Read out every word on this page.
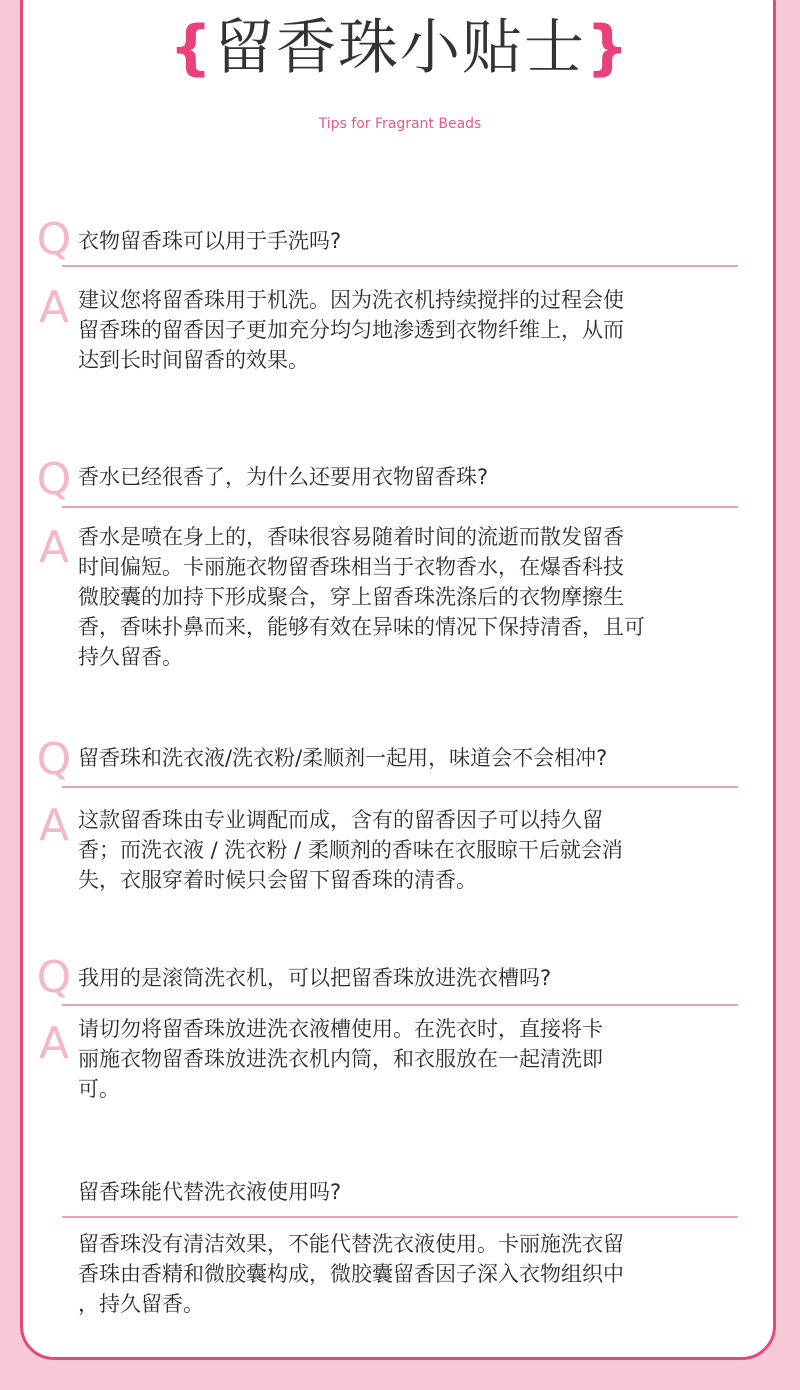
{留香珠小贴士}
Tips for Fragrant Beads
Q 衣物留香珠可以用于手洗吗?
A 建议您将留香珠用于机洗。因为洗衣机持续搅拌的过程会使
留香珠的留香因子更加充分均匀地渗透到衣物纤维上，从而
达到长时间留香的效果。
Q 香水已经很香了，为什么还要用衣物留香珠?
A 香水是喷在身上的，香味很容易随着时间的流逝而散发留香
时间偏短。卡丽施衣物留香珠相当于衣物香水，在爆香科技
微胶囊的加持下形成聚合，穿上留香珠洗涤后的衣物摩擦生
香，香味扑鼻而来，能够有效在异味的情况下保持清香，且可
持久留香。
Q 留香珠和洗衣液/洗衣粉/柔顺剂一起用，味道会不会相冲?
A 这款留香珠由专业调配而成，含有的留香因子可以持久留
香；而洗衣液 / 洗衣粉 / 柔顺剂的香味在衣服晾干后就会消
失，衣服穿着时候只会留下留香珠的清香。
Q 我用的是滚筒洗衣机，可以把留香珠放进洗衣槽吗?
A 请切勿将留香珠放进洗衣液槽使用。在洗衣时，直接将卡
丽施衣物留香珠放进洗衣机内筒，和衣服放在一起清洗即
可。
留香珠能代替洗衣液使用吗?
留香珠没有清洁效果，不能代替洗衣液使用。卡丽施洗衣留
香珠由香精和微胶囊构成，微胶囊留香因子深入衣物组织中
，持久留香。
